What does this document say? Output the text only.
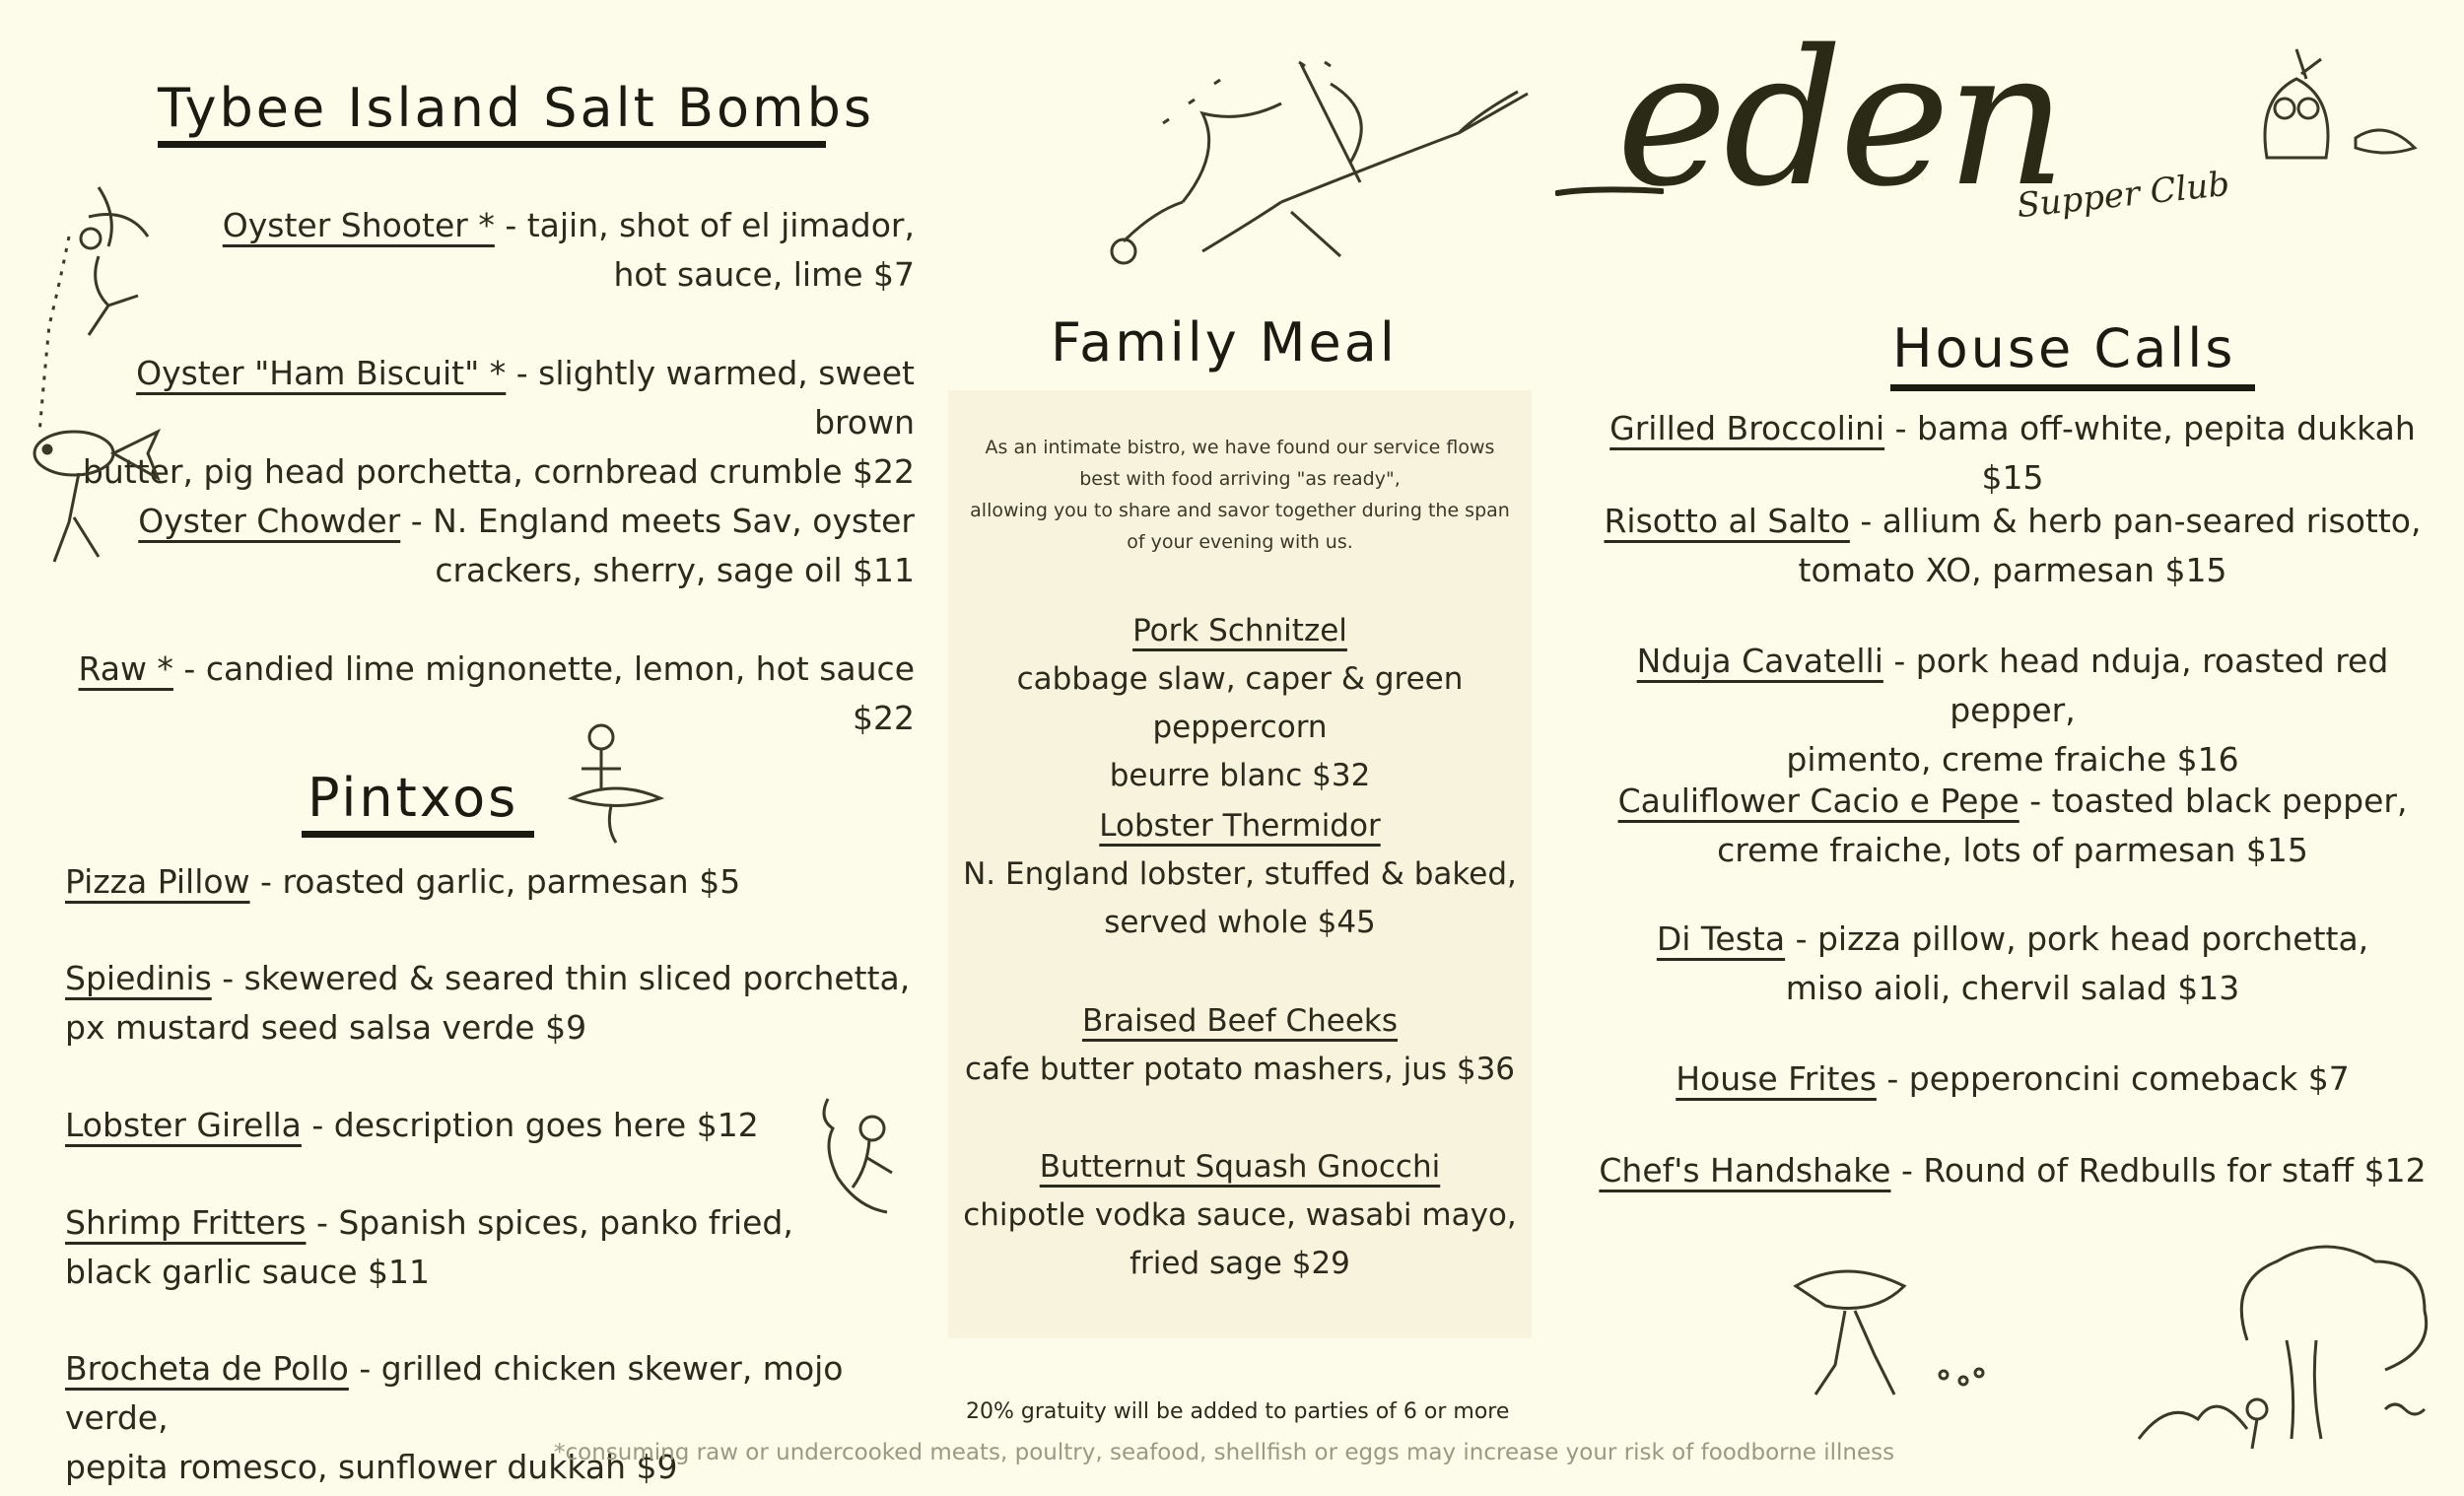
Tybee Island Salt Bombs
Oyster Shooter * - tajin, shot of el jimador,
hot sauce, lime $7
Oyster "Ham Biscuit" * - slightly warmed, sweet brown
butter, pig head porchetta, cornbread crumble $22
Oyster Chowder - N. England meets Sav, oyster
crackers, sherry, sage oil $11
Raw * - candied lime mignonette, lemon, hot sauce $22
Pintxos
Pizza Pillow - roasted garlic, parmesan $5
Spiedinis - skewered & seared thin sliced porchetta,
px mustard seed salsa verde $9
Lobster Girella - description goes here $12
Shrimp Fritters - Spanish spices, panko fried,
black garlic sauce $11
Brocheta de Pollo - grilled chicken skewer, mojo verde,
pepita romesco, sunflower dukkah $9
Family Meal
As an intimate bistro, we have found our service flows
best with food arriving "as ready",
allowing you to share and savor together during the span
of your evening with us.
Pork Schnitzel
cabbage slaw, caper & green peppercorn
beurre blanc $32
Lobster Thermidor
N. England lobster, stuffed & baked,
served whole $45
Braised Beef Cheeks
cafe butter potato mashers, jus $36
Butternut Squash Gnocchi
chipotle vodka sauce, wasabi mayo,
fried sage $29
20% gratuity will be added to parties of 6 or more
eden
Supper Club
House Calls
Grilled Broccolini - bama off-white, pepita dukkah $15
Risotto al Salto - allium & herb pan-seared risotto,
tomato XO, parmesan $15
Nduja Cavatelli - pork head nduja, roasted red pepper,
pimento, creme fraiche $16
Cauliflower Cacio e Pepe - toasted black pepper,
creme fraiche, lots of parmesan $15
Di Testa - pizza pillow, pork head porchetta,
miso aioli, chervil salad $13
House Frites - pepperoncini comeback $7
Chef's Handshake - Round of Redbulls for staff $12
*consuming raw or undercooked meats, poultry, seafood, shellfish or eggs may increase your risk of foodborne illness
